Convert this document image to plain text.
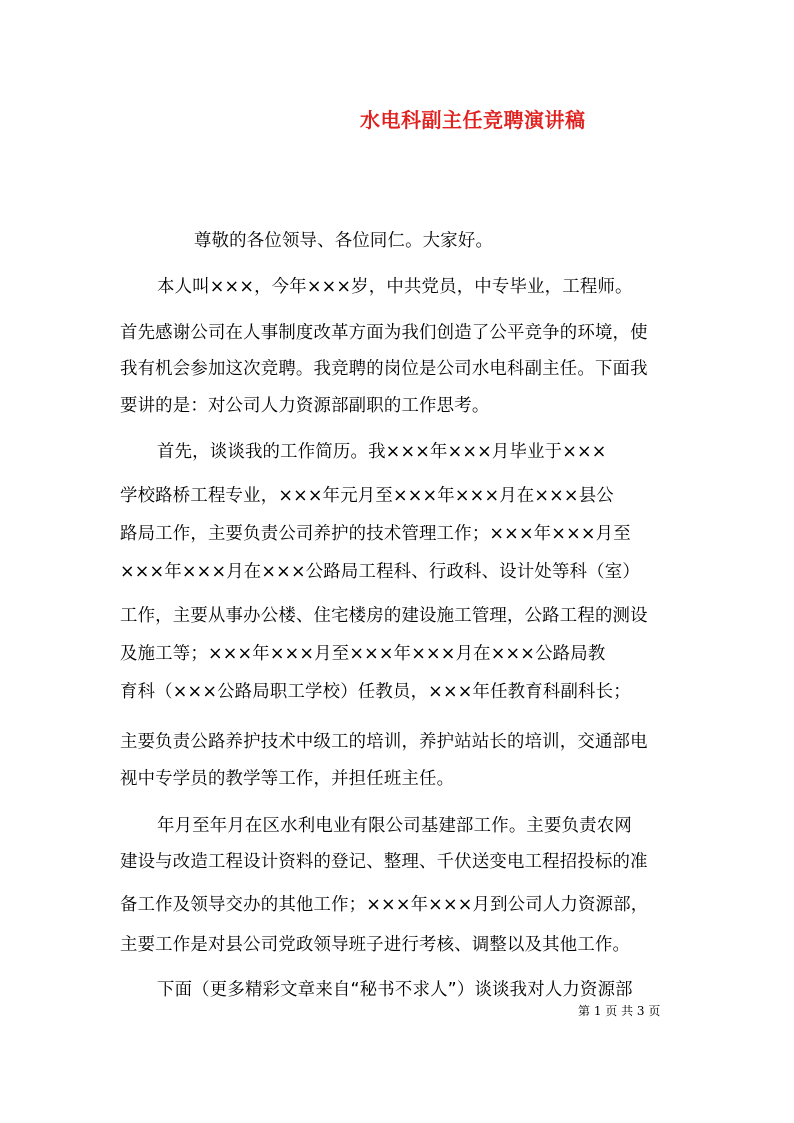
水电科副主任竞聘演讲稿
尊敬的各位领导、各位同仁。大家好。
本人叫×××，今年×××岁，中共党员，中专毕业，工程师。
首先感谢公司在人事制度改革方面为我们创造了公平竞争的环境，使
我有机会参加这次竞聘。我竞聘的岗位是公司水电科副主任。下面我
要讲的是：对公司人力资源部副职的工作思考。
首先，谈谈我的工作简历。我×××年×××月毕业于×××
学校路桥工程专业，×××年元月至×××年×××月在×××县公
路局工作，主要负责公司养护的技术管理工作；×××年×××月至
×××年×××月在×××公路局工程科、行政科、设计处等科（室）
工作，主要从事办公楼、住宅楼房的建设施工管理，公路工程的测设
及施工等；×××年×××月至×××年×××月在×××公路局教
育科（×××公路局职工学校）任教员，×××年任教育科副科长；
主要负责公路养护技术中级工的培训，养护站站长的培训，交通部电
视中专学员的教学等工作，并担任班主任。
年月至年月在区水利电业有限公司基建部工作。主要负责农网
建设与改造工程设计资料的登记、整理、千伏送变电工程招投标的准
备工作及领导交办的其他工作；×××年×××月到公司人力资源部，
主要工作是对县公司党政领导班子进行考核、调整以及其他工作。
下面（更多精彩文章来自“秘书不求人”）谈谈我对人力资源部
第 1 页 共 3 页
